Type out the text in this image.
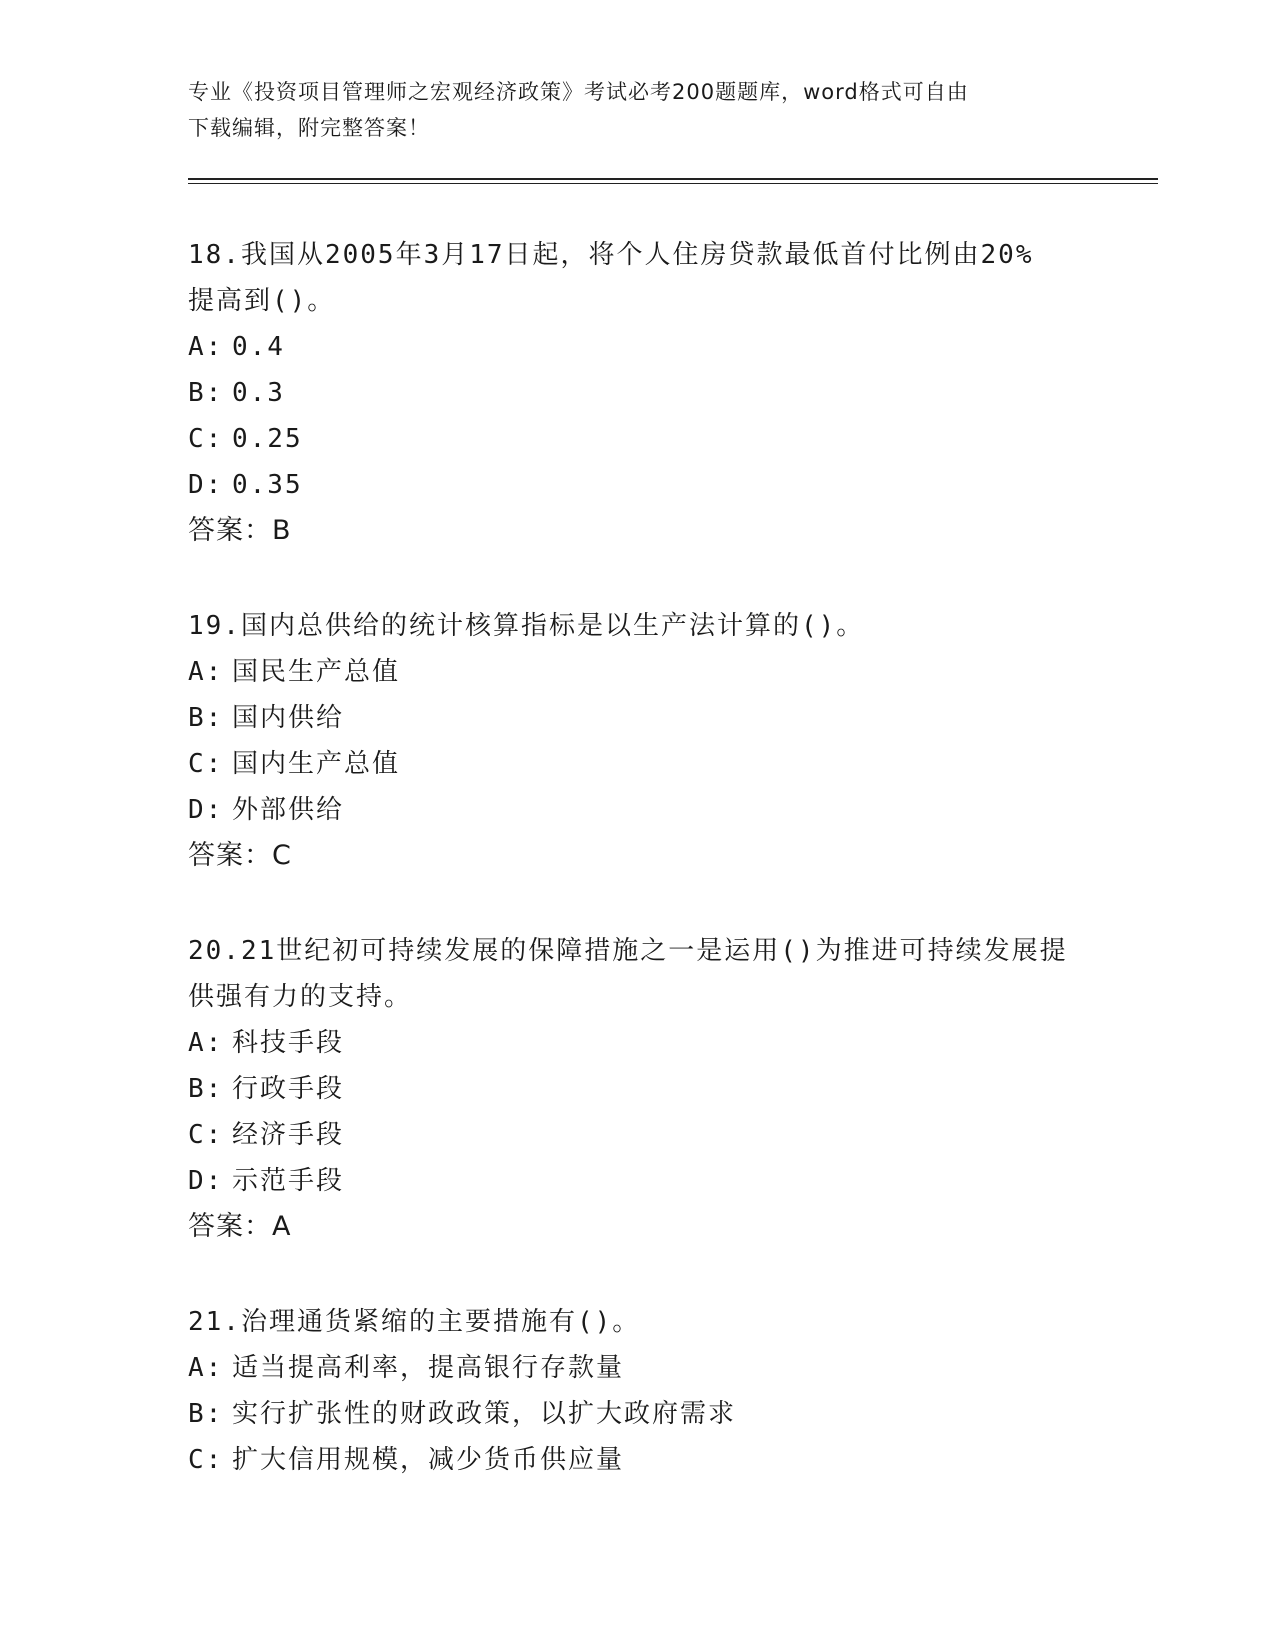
专业《投资项目管理师之宏观经济政策》考试必考200题题库，word格式可自由
下载编辑，附完整答案！
18.我国从2005年3月17日起，将个人住房贷款最低首付比例由20%
提高到()。
A: 0.4
B: 0.3
C: 0.25
D: 0.35
答案：B
19.国内总供给的统计核算指标是以生产法计算的()。
A: 国民生产总值
B: 国内供给
C: 国内生产总值
D: 外部供给
答案：C
20.21世纪初可持续发展的保障措施之一是运用()为推进可持续发展提
供强有力的支持。
A: 科技手段
B: 行政手段
C: 经济手段
D: 示范手段
答案：A
21.治理通货紧缩的主要措施有()。
A: 适当提高利率，提高银行存款量
B: 实行扩张性的财政政策，以扩大政府需求
C: 扩大信用规模，减少货币供应量
